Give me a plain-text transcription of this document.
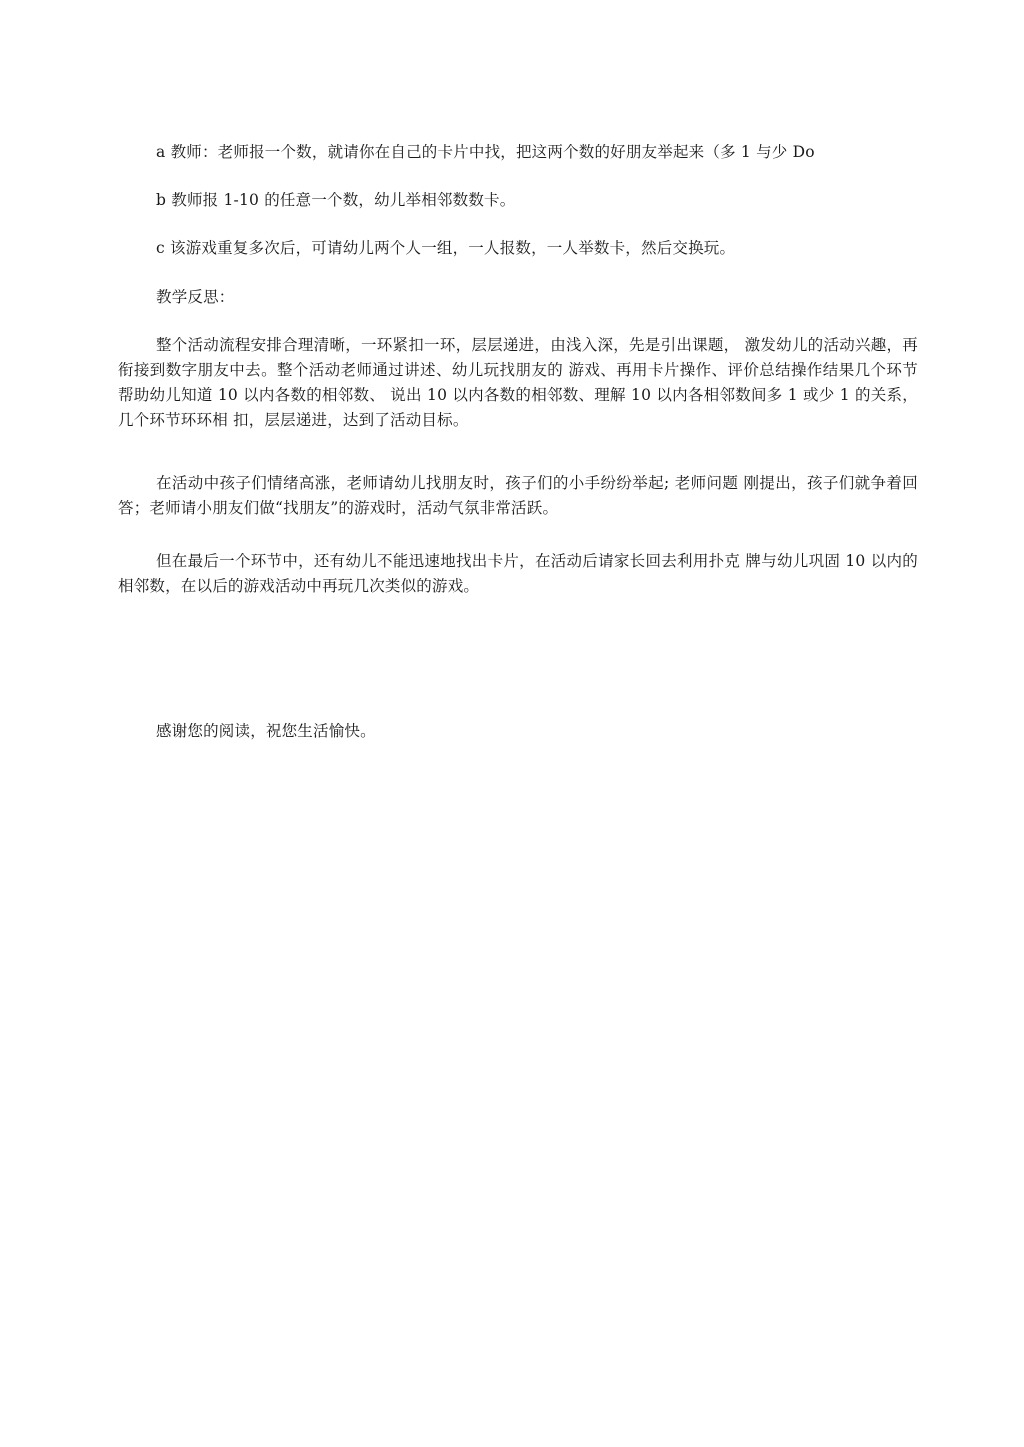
a 教师：老师报一个数，就请你在自己的卡片中找，把这两个数的好朋友举起来（多 1 与少 Do

b 教师报 1-10 的任意一个数，幼儿举相邻数数卡。

c 该游戏重复多次后，可请幼儿两个人一组，一人报数，一人举数卡，然后交换玩。

教学反思：

整个活动流程安排合理清晰，一环紧扣一环，层层递进，由浅入深，先是引出课题， 激发幼儿的活动兴趣，再衔接到数字朋友中去。整个活动老师通过讲述、幼儿玩找朋友的 游戏、再用卡片操作、评价总结操作结果几个环节帮助幼儿知道 10 以内各数的相邻数、 说出 10 以内各数的相邻数、理解 10 以内各相邻数间多 1 或少 1 的关系，几个环节环环相 扣，层层递进，达到了活动目标。

在活动中孩子们情绪高涨，老师请幼儿找朋友时，孩子们的小手纷纷举起; 老师问题 刚提出，孩子们就争着回答；老师请小朋友们做“找朋友”的游戏时，活动气氛非常活跃。

但在最后一个环节中，还有幼儿不能迅速地找出卡片，在活动后请家长回去利用扑克 牌与幼儿巩固 10 以内的相邻数，在以后的游戏活动中再玩几次类似的游戏。

感谢您的阅读，祝您生活愉快。
